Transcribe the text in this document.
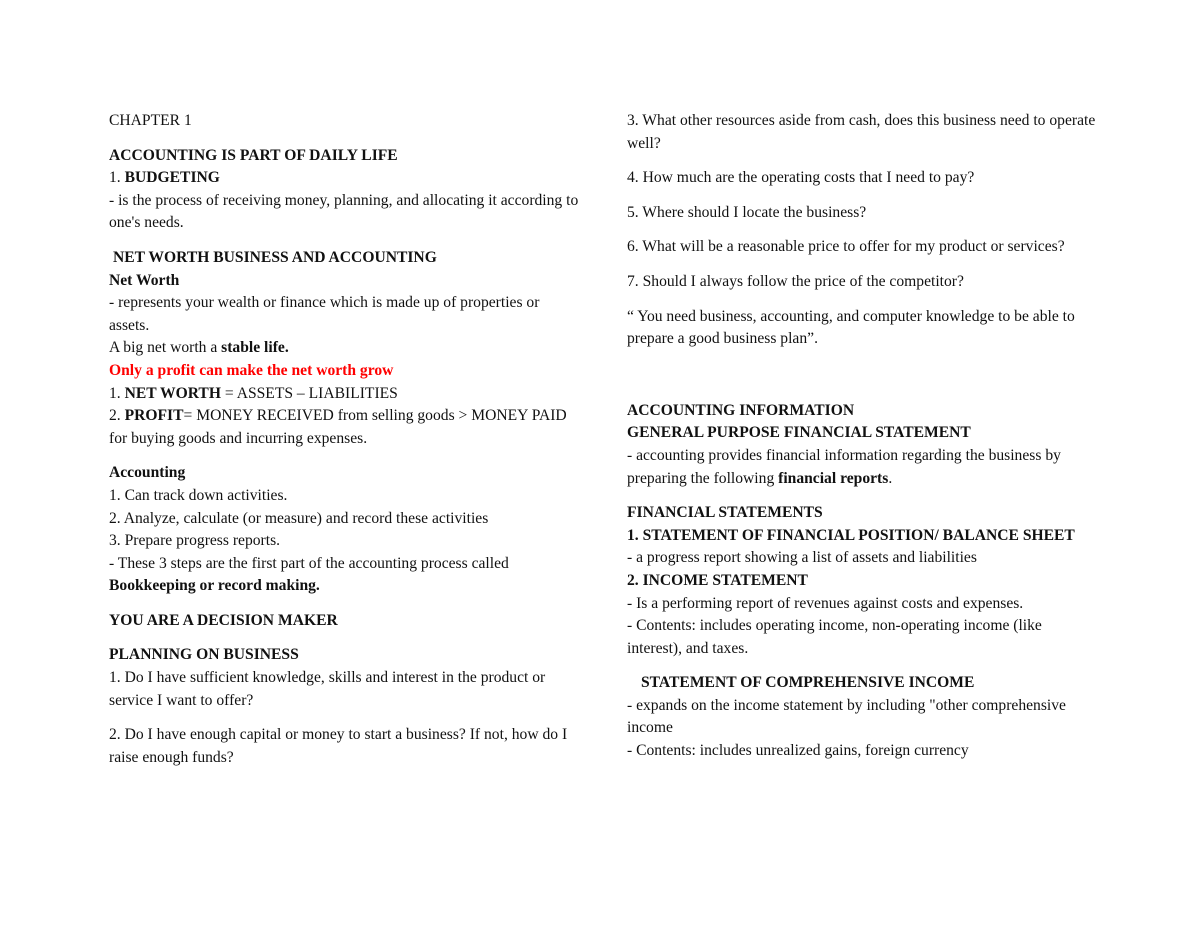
CHAPTER 1

ACCOUNTING IS PART OF DAILY LIFE

1. BUDGETING

- is the process of receiving money, planning, and allocating it according to one's needs.

NET WORTH BUSINESS AND ACCOUNTING

Net Worth

- represents your wealth or finance which is made up of properties or assets.

A big net worth a stable life.

Only a profit can make the net worth grow

1. NET WORTH = ASSETS – LIABILITIES

2. PROFIT= MONEY RECEIVED from selling goods > MONEY PAID for buying goods and incurring expenses.

Accounting

1. Can track down activities.

2. Analyze, calculate (or measure) and record these activities

3. Prepare progress reports.

- These 3 steps are the first part of the accounting process called Bookkeeping or record making.

YOU ARE A DECISION MAKER

PLANNING ON BUSINESS

1. Do I have sufficient knowledge, skills and interest in the product or service I want to offer?

2. Do I have enough capital or money to start a business? If not, how do I raise enough funds?

3. What other resources aside from cash, does this business need to operate well?

4. How much are the operating costs that I need to pay?

5. Where should I locate the business?

6. What will be a reasonable price to offer for my product or services?

7. Should I always follow the price of the competitor?

“ You need business, accounting, and computer knowledge to be able to prepare a good business plan”.

ACCOUNTING INFORMATION

GENERAL PURPOSE FINANCIAL STATEMENT

- accounting provides financial information regarding the business by preparing the following financial reports.

FINANCIAL STATEMENTS

1. STATEMENT OF FINANCIAL POSITION/ BALANCE SHEET

- a progress report showing a list of assets and liabilities

2. INCOME STATEMENT

- Is a performing report of revenues against costs and expenses.

- Contents: includes operating income, non-operating income (like interest), and taxes.

STATEMENT OF COMPREHENSIVE INCOME

- expands on the income statement by including "other comprehensive income

- Contents: includes unrealized gains, foreign currency
